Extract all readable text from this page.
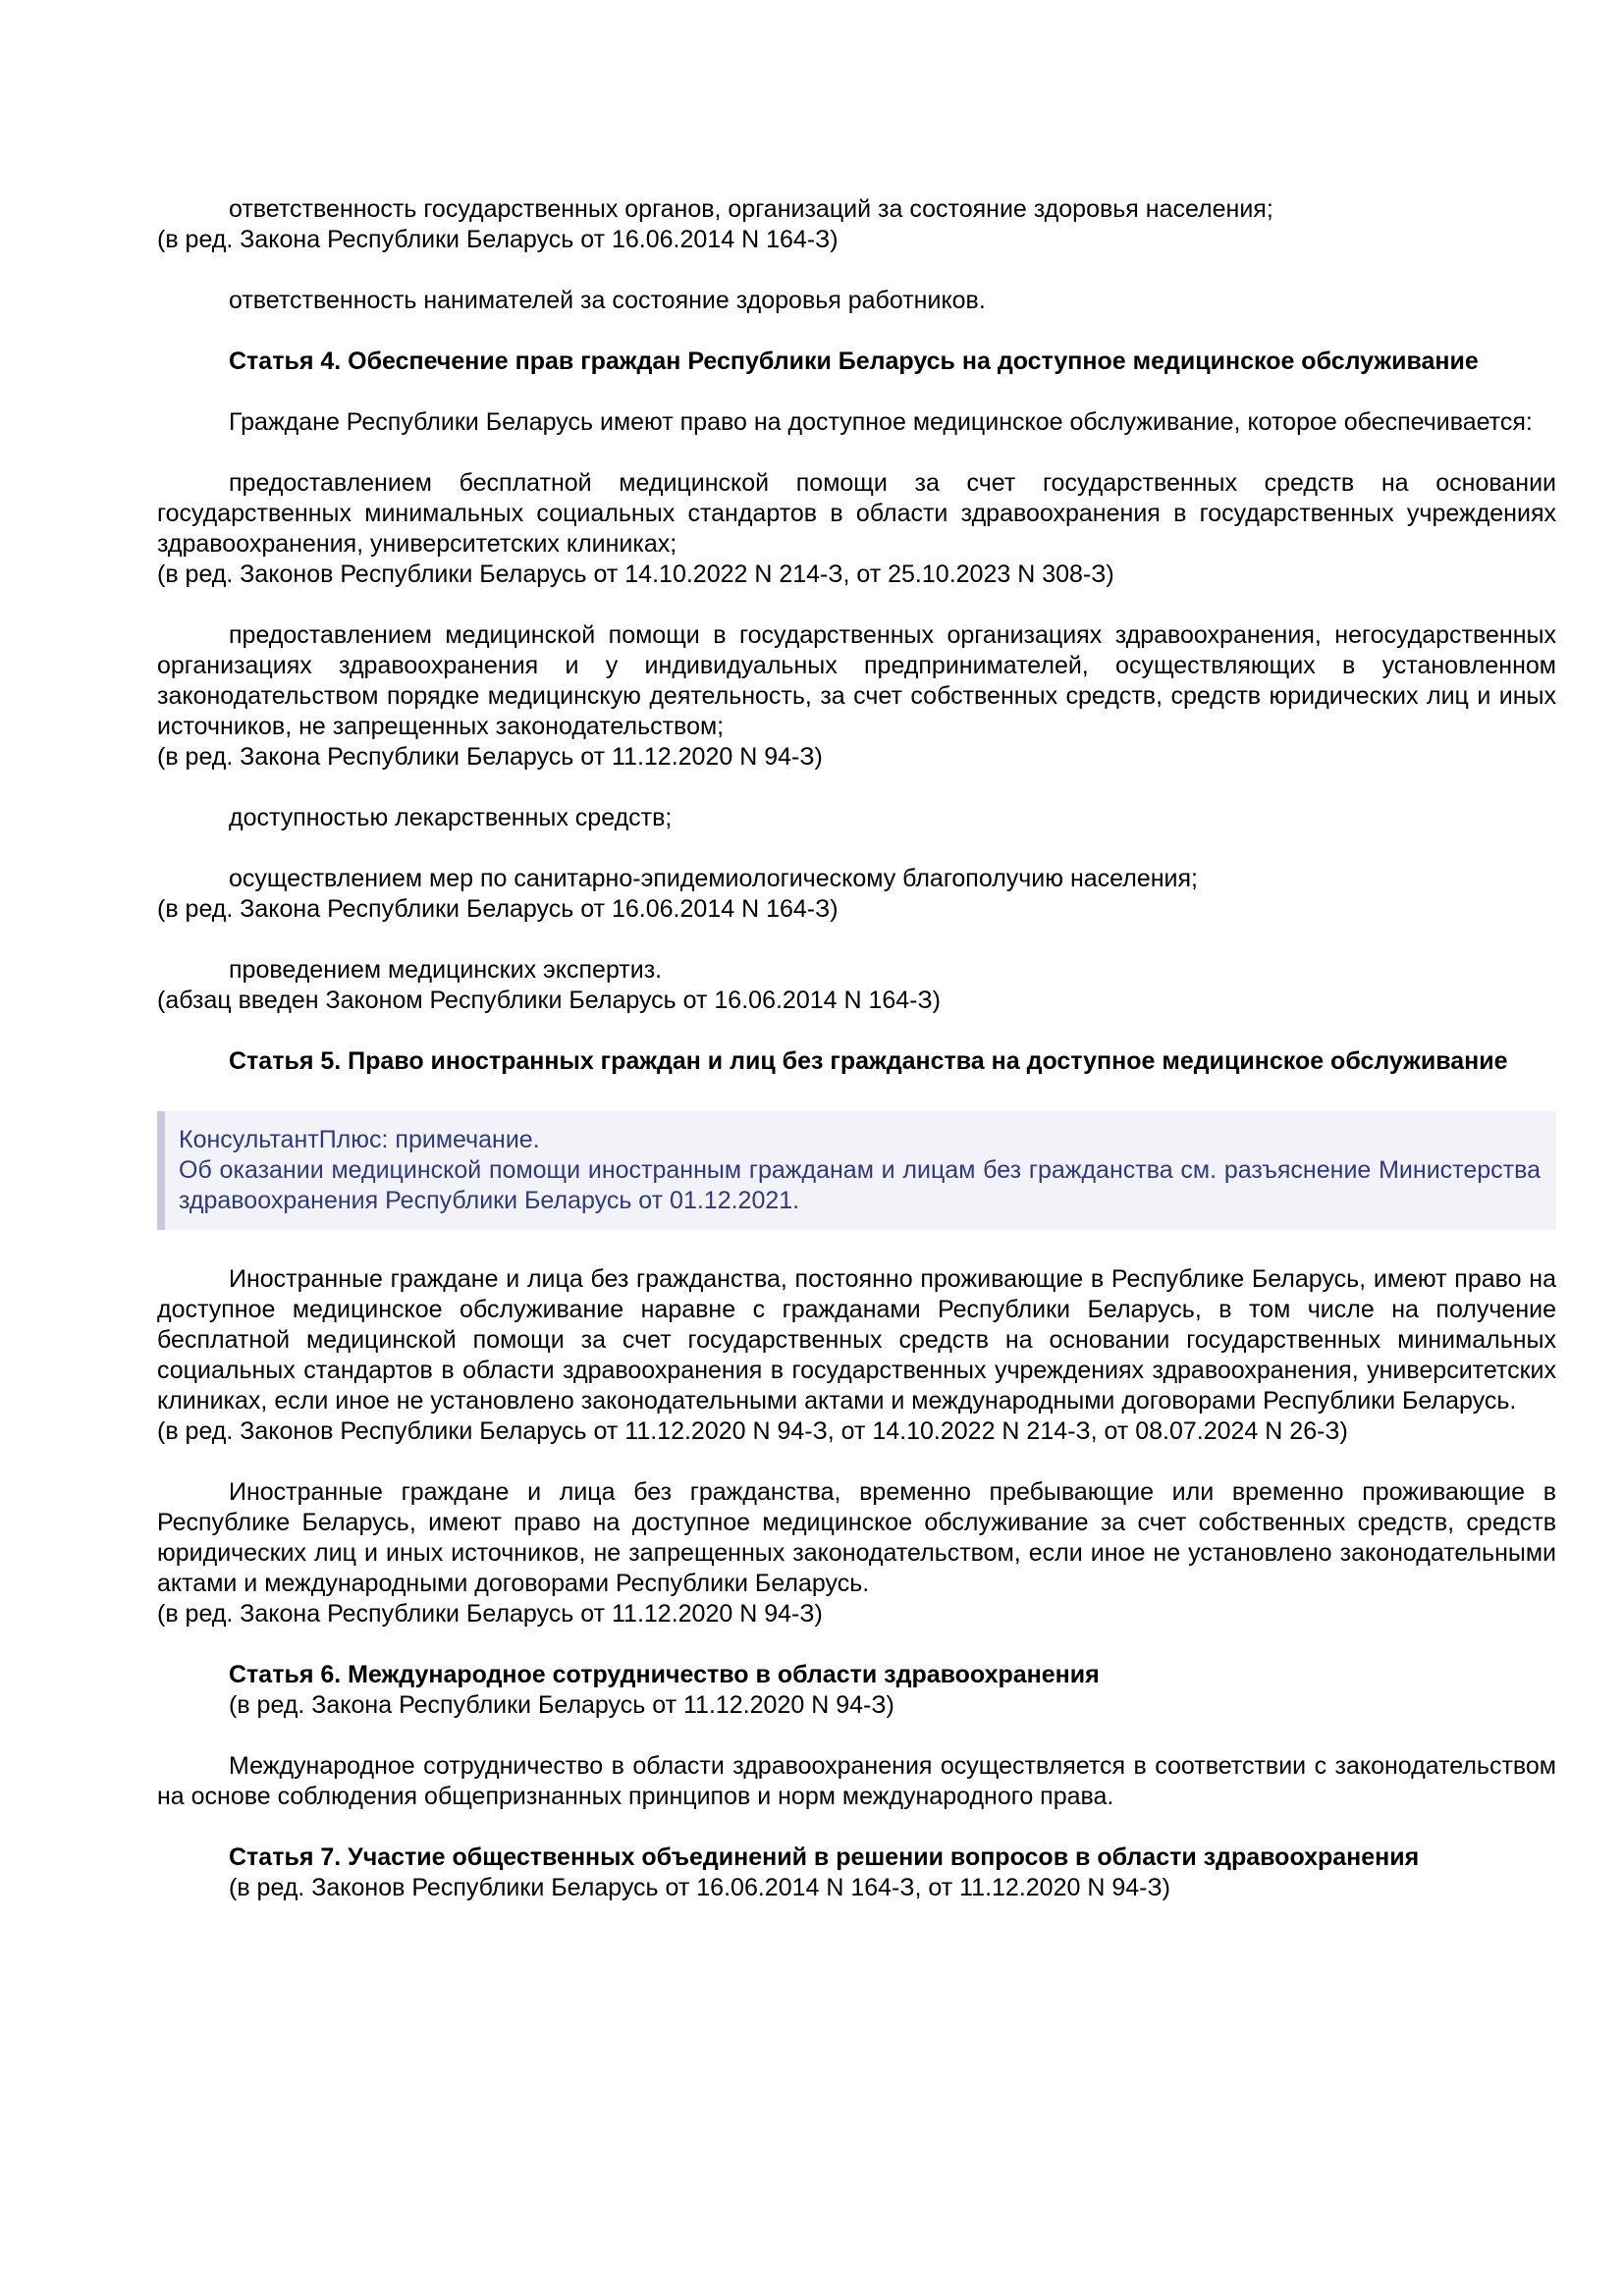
ответственность государственных органов, организаций за состояние здоровья населения;

(в ред. Закона Республики Беларусь от 16.06.2014 N 164-З)

ответственность нанимателей за состояние здоровья работников.

Статья 4. Обеспечение прав граждан Республики Беларусь на доступное медицинское обслуживание

Граждане Республики Беларусь имеют право на доступное медицинское обслуживание, которое обеспечивается:

предоставлением бесплатной медицинской помощи за счет государственных средств на основании государственных минимальных социальных стандартов в области здравоохранения в государственных учреждениях здравоохранения, университетских клиниках;

(в ред. Законов Республики Беларусь от 14.10.2022 N 214-З, от 25.10.2023 N 308-З)

предоставлением медицинской помощи в государственных организациях здравоохранения, негосударственных организациях здравоохранения и у индивидуальных предпринимателей, осуществляющих в установленном законодательством порядке медицинскую деятельность, за счет собственных средств, средств юридических лиц и иных источников, не запрещенных законодательством;

(в ред. Закона Республики Беларусь от 11.12.2020 N 94-З)

доступностью лекарственных средств;

осуществлением мер по санитарно-эпидемиологическому благополучию населения;

(в ред. Закона Республики Беларусь от 16.06.2014 N 164-З)

проведением медицинских экспертиз.

(абзац введен Законом Республики Беларусь от 16.06.2014 N 164-З)

Статья 5. Право иностранных граждан и лиц без гражданства на доступное медицинское обслуживание

КонсультантПлюс: примечание.
Об оказании медицинской помощи иностранным гражданам и лицам без гражданства см. разъяснение Министерства здравоохранения Республики Беларусь от 01.12.2021.

Иностранные граждане и лица без гражданства, постоянно проживающие в Республике Беларусь, имеют право на доступное медицинское обслуживание наравне с гражданами Республики Беларусь, в том числе на получение бесплатной медицинской помощи за счет государственных средств на основании государственных минимальных социальных стандартов в области здравоохранения в государственных учреждениях здравоохранения, университетских клиниках, если иное не установлено законодательными актами и международными договорами Республики Беларусь.

(в ред. Законов Республики Беларусь от 11.12.2020 N 94-З, от 14.10.2022 N 214-З, от 08.07.2024 N 26-З)

Иностранные граждане и лица без гражданства, временно пребывающие или временно проживающие в Республике Беларусь, имеют право на доступное медицинское обслуживание за счет собственных средств, средств юридических лиц и иных источников, не запрещенных законодательством, если иное не установлено законодательными актами и международными договорами Республики Беларусь.

(в ред. Закона Республики Беларусь от 11.12.2020 N 94-З)

Статья 6. Международное сотрудничество в области здравоохранения

(в ред. Закона Республики Беларусь от 11.12.2020 N 94-З)

Международное сотрудничество в области здравоохранения осуществляется в соответствии с законодательством на основе соблюдения общепризнанных принципов и норм международного права.

Статья 7. Участие общественных объединений в решении вопросов в области здравоохранения

(в ред. Законов Республики Беларусь от 16.06.2014 N 164-З, от 11.12.2020 N 94-З)
